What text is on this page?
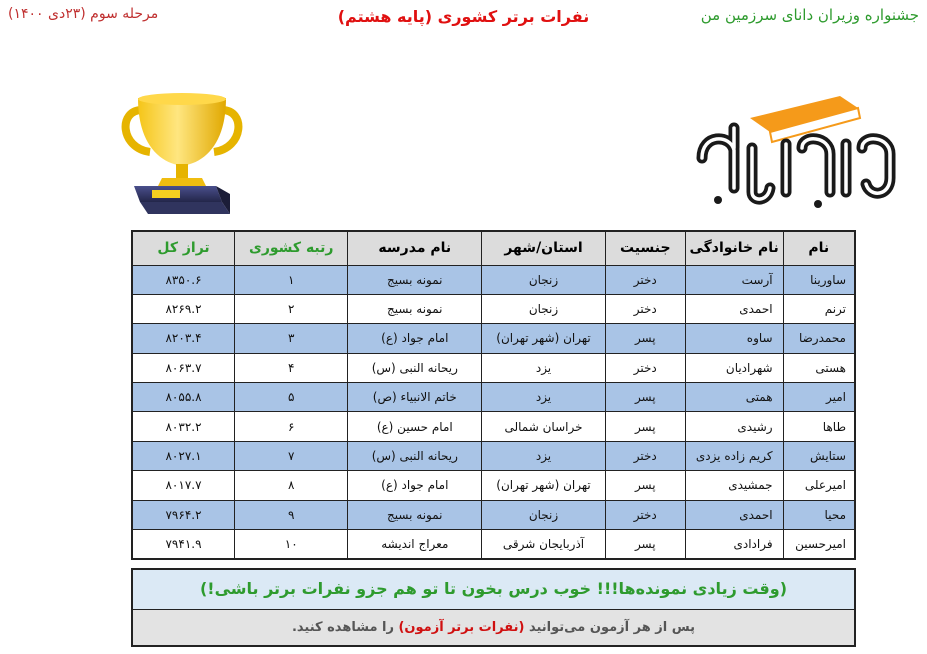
جشنواره وزیران دانای سرزمین من
نفرات برتر کشوری (پایه هشتم)
مرحله سوم (۲۳دی ۱۴۰۰)
نام	نام خانوادگی	جنسیت	استان/شهر	نام مدرسه	رتبه کشوری	تراز کل
ساورینا	آرست	دختر	زنجان	نمونه بسیج	۱	۸۳۵۰.۶
ترنم	احمدی	دختر	زنجان	نمونه بسیج	۲	۸۲۶۹.۲
محمدرضا	ساوه	پسر	تهران (شهر تهران)	امام جواد (ع)	۳	۸۲۰۳.۴
هستی	شهرادیان	دختر	یزد	ریحانه النبی (س)	۴	۸۰۶۳.۷
امیر	همتی	پسر	یزد	خاتم الانبیاء (ص)	۵	۸۰۵۵.۸
طاها	رشیدی	پسر	خراسان شمالی	امام حسین (ع)	۶	۸۰۳۲.۲
ستایش	کریم زاده یزدی	دختر	یزد	ریحانه النبی (س)	۷	۸۰۲۷.۱
امیرعلی	جمشیدی	پسر	تهران (شهر تهران)	امام جواد (ع)	۸	۸۰۱۷.۷
محیا	احمدی	دختر	زنجان	نمونه بسیج	۹	۷۹۶۴.۲
امیرحسین	فرادادی	پسر	آذربایجان شرقی	معراج اندیشه	۱۰	۷۹۴۱.۹
(وقت زیادی نمونده‌ها!!! خوب درس بخون تا تو هم جزو نفرات برتر باشی!)
پس از هر آزمون می‌توانید (نفرات برتر آزمون) را مشاهده کنید.
